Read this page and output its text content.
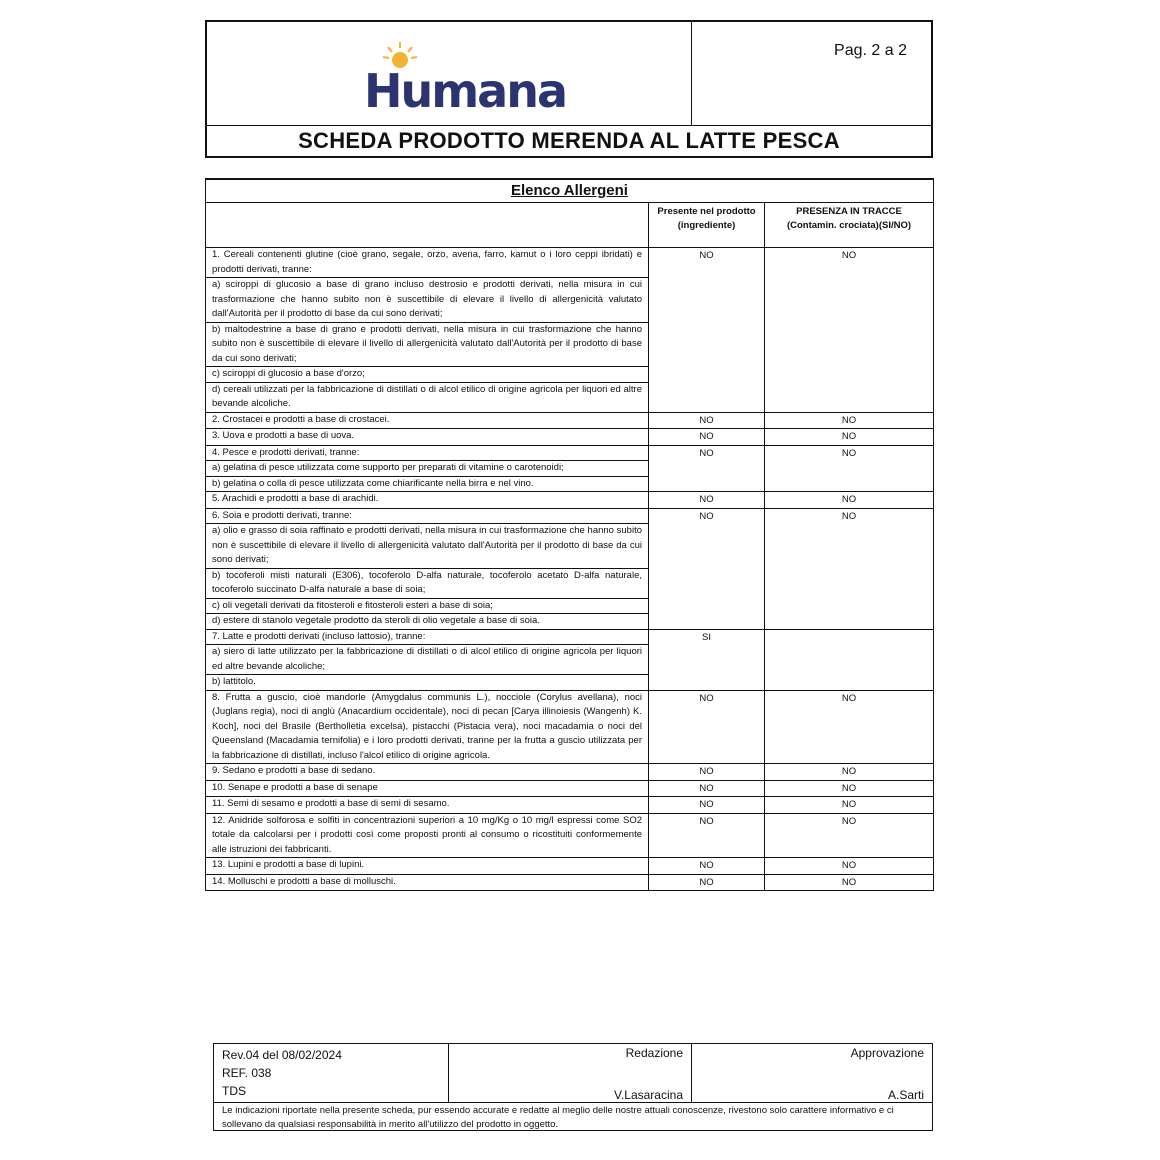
Humana
Pag. 2 a 2
SCHEDA PRODOTTO MERENDA AL LATTE PESCA
Elenco Allergeni		
	Presente nel prodotto (ingrediente)	PRESENZA IN TRACCE (Contamin. crociata)(SI/NO)

1. Cereali contenenti glutine (cioè grano, segale, orzo, avena, farro, kamut o i loro ceppi ibridati) e prodotti derivati, tranne:
a) sciroppi di glucosio a base di grano incluso destrosio e prodotti derivati, nella misura in cui trasformazione che hanno subito non è suscettibile di elevare il livello di allergenicità valutato dall'Autorità per il prodotto di base da cui sono derivati;
b) maltodestrine a base di grano e prodotti derivati, nella misura in cui trasformazione che hanno subito non è suscettibile di elevare il livello di allergenicità valutato dall'Autorità per il prodotto di base da cui sono derivati;
c) sciroppi di glucosio a base d'orzo;
d) cereali utilizzati per la fabbricazione di distillati o di alcol etilico di origine agricola per liquori ed altre bevande alcoliche.	NO	NO

2. Crostacei e prodotti a base di crostacei.	NO	NO

3. Uova e prodotti a base di uova.	NO	NO

4. Pesce e prodotti derivati, tranne:
a) gelatina di pesce utilizzata come supporto per preparati di vitamine o carotenoidi;
b) gelatina o colla di pesce utilizzata come chiarificante nella birra e nel vino.	NO	NO

5. Arachidi e prodotti a base di arachidi.	NO	NO

6. Soia e prodotti derivati, tranne:
a) olio e grasso di soia raffinato e prodotti derivati, nella misura in cui trasformazione che hanno subito non è suscettibile di elevare il livello di allergenicità valutato dall'Autorità per il prodotto di base da cui sono derivati;
b) tocoferoli misti naturali (E306), tocoferolo D-alfa naturale, tocoferolo acetato D-alfa naturale, tocoferolo succinato D-alfa naturale a base di soia;
c) oli vegetali derivati da fitosteroli e fitosteroli esteri a base di soia;
d) estere di stanolo vegetale prodotto da steroli di olio vegetale a base di soia.	NO	NO

7. Latte e prodotti derivati (incluso lattosio), tranne:
a) siero di latte utilizzato per la fabbricazione di distillati o di alcol etilico di origine agricola per liquori ed altre bevande alcoliche;
b) lattitolo.	SI	

8. Frutta a guscio, cioè mandorle (Amygdalus communis L.), nocciole (Corylus avellana), noci (Juglans regia), noci di anglù (Anacardium occidentale), noci di pecan [Carya illinoiesis (Wangenh) K. Koch], noci del Brasile (Bertholletia excelsa), pistacchi (Pistacia vera), noci macadamia o noci del Queensland (Macadamia ternifolia) e i loro prodotti derivati, tranne per la frutta a guscio utilizzata per la fabbricazione di distillati, incluso l'alcol etilico di origine agricola.	NO	NO

9. Sedano e prodotti a base di sedano.	NO	NO

10. Senape e prodotti a base di senape	NO	NO

11. Semi di sesamo e prodotti a base di semi di sesamo.	NO	NO

12. Anidride solforosa e solfiti in concentrazioni superiori a 10 mg/Kg o 10 mg/l espressi come SO2 totale da calcolarsi per i prodotti così come proposti pronti al consumo o ricostituiti conformemente alle istruzioni dei fabbricanti.	NO	NO

13. Lupini e prodotti a base di lupini.	NO	NO

14. Molluschi e prodotti a base di molluschi.	NO	NO
Rev.04 del 08/02/2024
REF. 038
TDS
Redazione
V.Lasaracina
Approvazione
A.Sarti
Le indicazioni riportate nella presente scheda, pur essendo accurate e redatte al meglio delle nostre attuali conoscenze, rivestono solo carattere informativo e ci sollevano da qualsiasi responsabilità in merito all'utilizzo del prodotto in oggetto.
